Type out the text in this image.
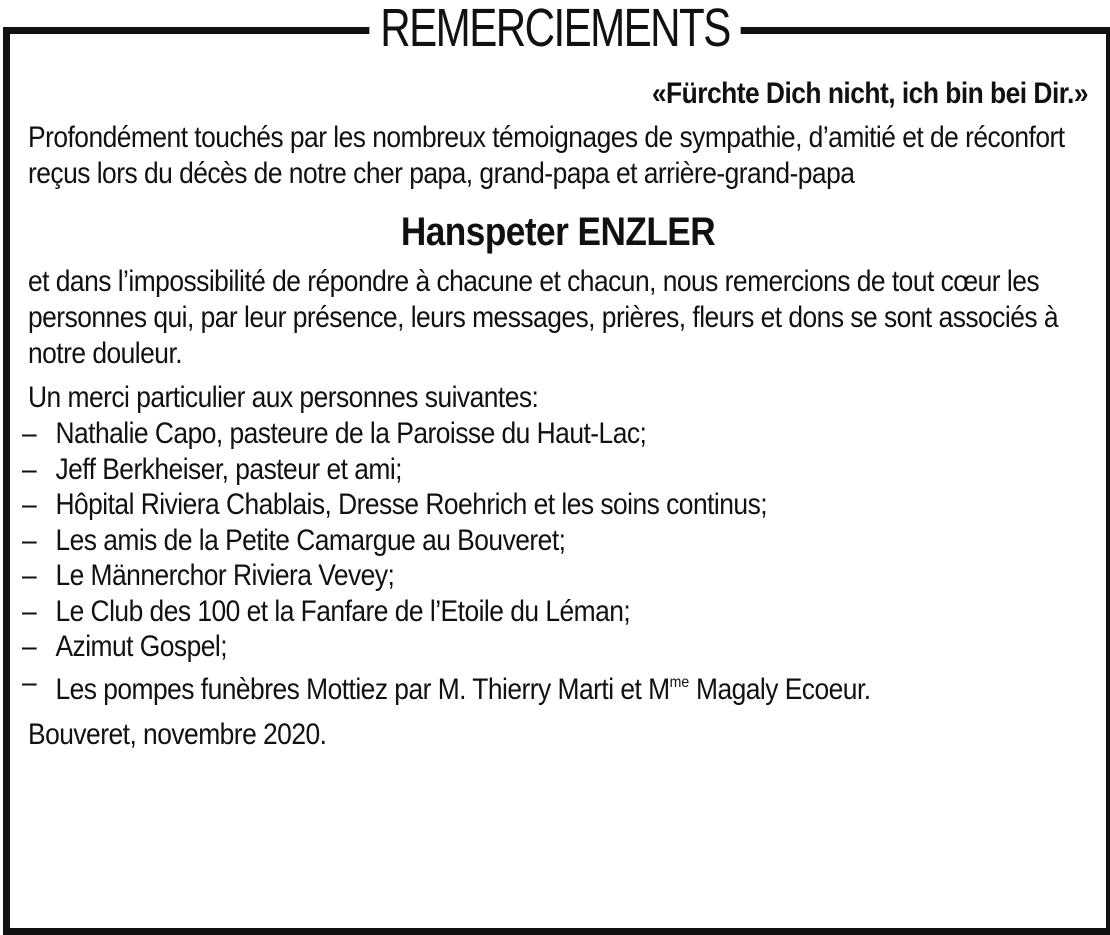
REMERCIEMENTS

«Fürchte Dich nicht, ich bin bei Dir.»

Profondément touchés par les nombreux témoignages de sympathie, d’amitié et de réconfort reçus lors du décès de notre cher papa, grand-papa et arrière-grand-papa

Hanspeter ENZLER

et dans l’impossibilité de répondre à chacune et chacun, nous remercions de tout cœur les personnes qui, par leur présence, leurs messages, prières, fleurs et dons se sont associés à notre douleur.

Un merci particulier aux personnes suivantes:

– Nathalie Capo, pasteure de la Paroisse du Haut-Lac;
– Jeff Berkheiser, pasteur et ami;
– Hôpital Riviera Chablais, Dresse Roehrich et les soins continus;
– Les amis de la Petite Camargue au Bouveret;
– Le Männerchor Riviera Vevey;
– Le Club des 100 et la Fanfare de l’Etoile du Léman;
– Azimut Gospel;
– Les pompes funèbres Mottiez par M. Thierry Marti et $M^{me}$ Magaly Ecoeur.

Bouveret, novembre 2020.
